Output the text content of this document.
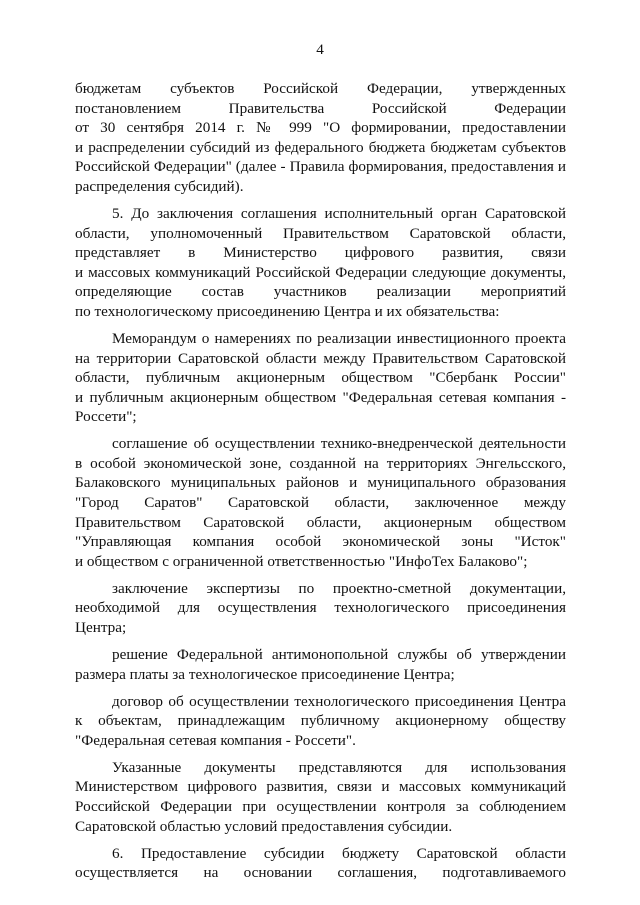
4

бюджетам субъектов Российской Федерации, утвержденных
постановлением Правительства Российской Федерации
от 30 сентября 2014 г. № 999 "О формировании, предоставлении
и распределении субсидий из федерального бюджета бюджетам субъектов
Российской Федерации" (далее - Правила формирования, предоставления и
распределения субсидий).

5. До заключения соглашения исполнительный орган Саратовской
области, уполномоченный Правительством Саратовской области,
представляет в Министерство цифрового развития, связи
и массовых коммуникаций Российской Федерации следующие документы,
определяющие состав участников реализации мероприятий
по технологическому присоединению Центра и их обязательства:

Меморандум о намерениях по реализации инвестиционного проекта
на территории Саратовской области между Правительством Саратовской
области, публичным акционерным обществом "Сбербанк России"
и публичным акционерным обществом "Федеральная сетевая компания -
Россети";

соглашение об осуществлении технико-внедренческой деятельности
в особой экономической зоне, созданной на территориях Энгельсского,
Балаковского муниципальных районов и муниципального образования
"Город Саратов" Саратовской области, заключенное между
Правительством Саратовской области, акционерным обществом
"Управляющая компания особой экономической зоны "Исток"
и обществом с ограниченной ответственностью "ИнфоТех Балаково";

заключение экспертизы по проектно-сметной документации,
необходимой для осуществления технологического присоединения
Центра;

решение Федеральной антимонопольной службы об утверждении
размера платы за технологическое присоединение Центра;

договор об осуществлении технологического присоединения Центра
к объектам, принадлежащим публичному акционерному обществу
"Федеральная сетевая компания - Россети".

Указанные документы представляются для использования
Министерством цифрового развития, связи и массовых коммуникаций
Российской Федерации при осуществлении контроля за соблюдением
Саратовской областью условий предоставления субсидии.

6. Предоставление субсидии бюджету Саратовской области
осуществляется на основании соглашения, подготавливаемого
